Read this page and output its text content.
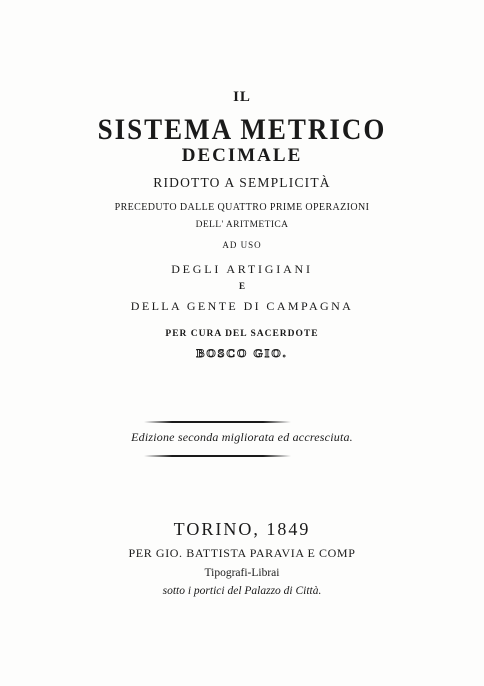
IL
SISTEMA METRICO
DECIMALE
RIDOTTO A SEMPLICITÀ
PRECEDUTO DALLE QUATTRO PRIME OPERAZIONI
DELL' ARITMETICA
AD USO
DEGLI ARTIGIANI
E
DELLA GENTE DI CAMPAGNA
PER CURA DEL SACERDOTE
BOSCO GIO.
Edizione seconda migliorata ed accresciuta.
TORINO, 1849
PER GIO. BATTISTA PARAVIA E COMP
Tipografi-Librai
sotto i portici del Palazzo di Città.
